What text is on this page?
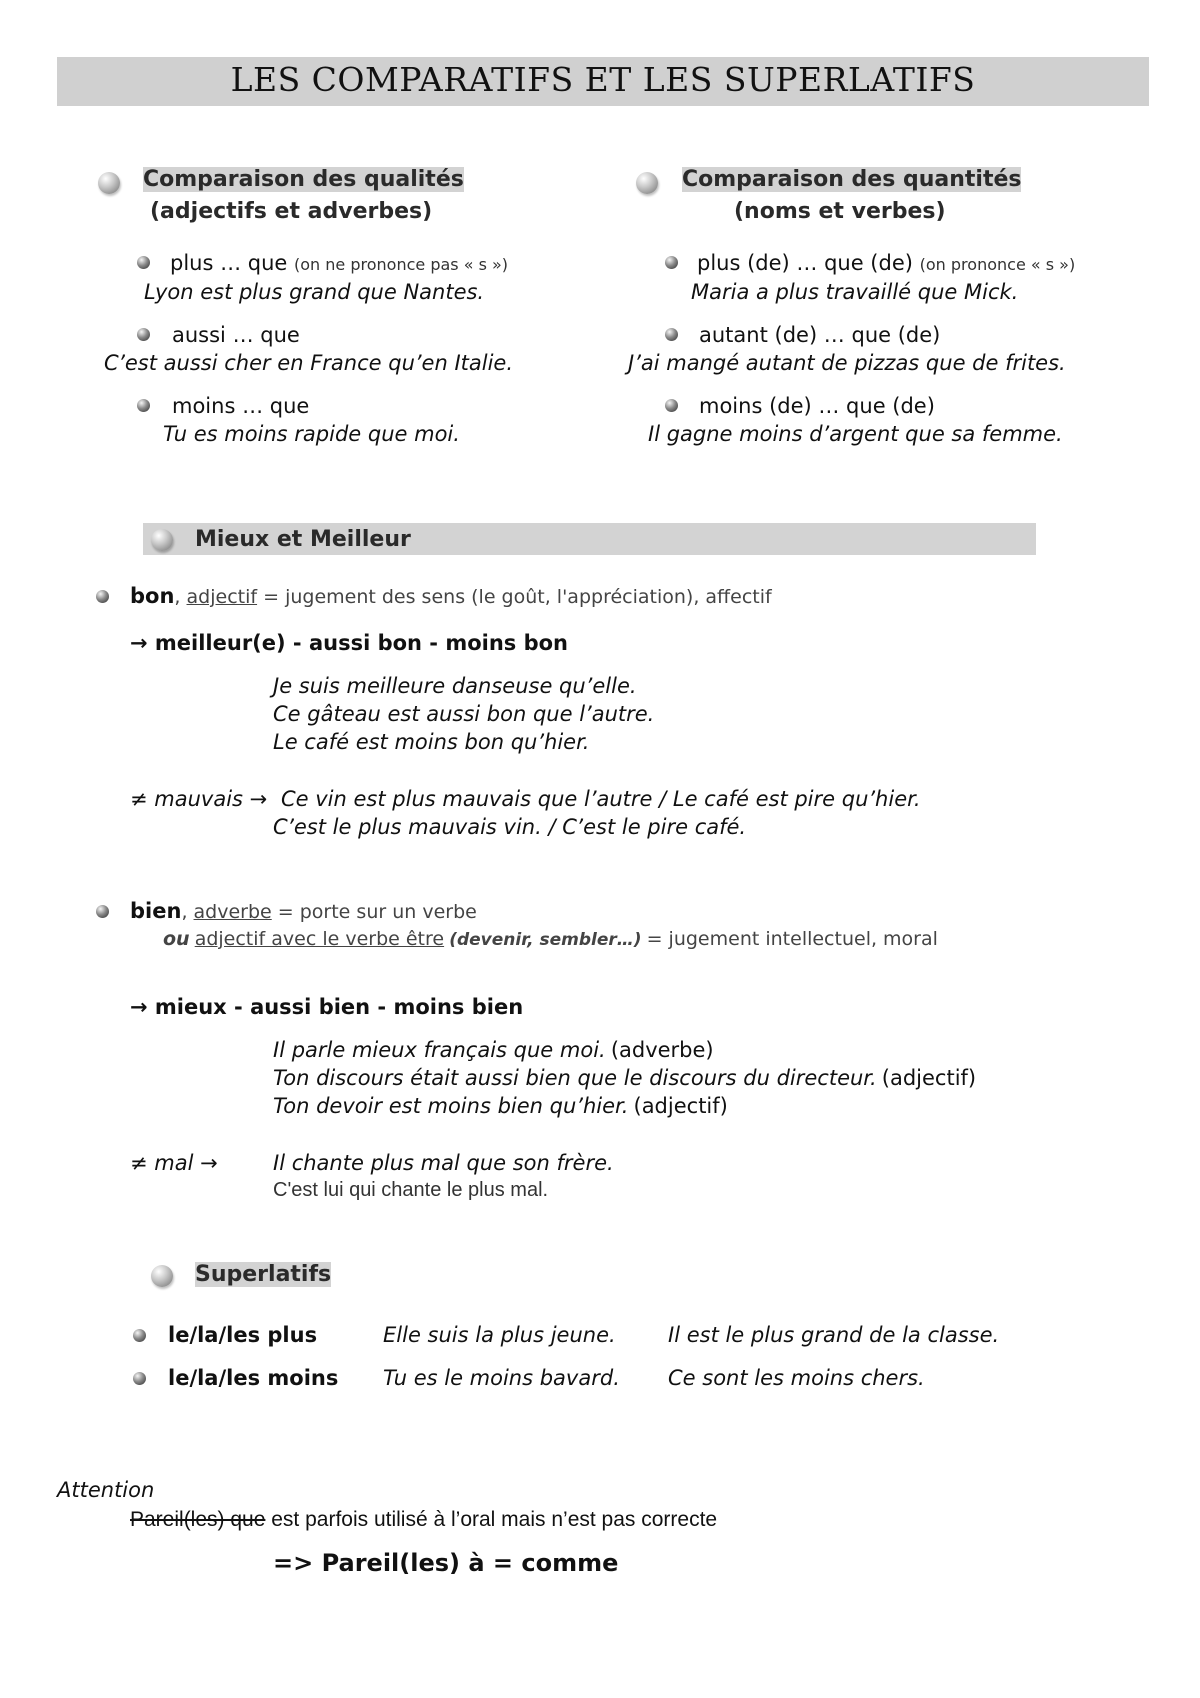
LES COMPARATIFS ET LES SUPERLATIFS
Comparaison des qualités
(adjectifs et adverbes)
plus … que (on ne prononce pas « s »)
Lyon est plus grand que Nantes.
aussi … que
C’est aussi cher en France qu’en Italie.
moins … que
Tu es moins rapide que moi.
Comparaison des quantités
(noms et verbes)
plus (de) … que (de) (on prononce « s »)
Maria a plus travaillé que Mick.
autant (de) … que (de)
J’ai mangé autant de pizzas que de frites.
moins (de) … que (de)
Il gagne moins d’argent que sa femme.
Mieux et Meilleur
bon, adjectif = jugement des sens (le goût, l'appréciation), affectif
→ meilleur(e) - aussi bon - moins bon
Je suis meilleure danseuse qu’elle.
Ce gâteau est aussi bon que l’autre.
Le café est moins bon qu’hier.
≠ mauvais → Ce vin est plus mauvais que l’autre / Le café est pire qu’hier.
C’est le plus mauvais vin. / C’est le pire café.
bien, adverbe = porte sur un verbe
ou adjectif avec le verbe être (devenir, sembler…) = jugement intellectuel, moral
→ mieux - aussi bien - moins bien
Il parle mieux français que moi. (adverbe)
Ton discours était aussi bien que le discours du directeur. (adjectif)
Ton devoir est moins bien qu’hier. (adjectif)
≠ mal →	Il chante plus mal que son frère.
C'est lui qui chante le plus mal.
Superlatifs
le/la/les plus	Elle suis la plus jeune. Il est le plus grand de la classe.
le/la/les moins Tu es le moins bavard. Ce sont les moins chers.
Attention
Pareil(les) que est parfois utilisé à l’oral mais n’est pas correcte
=> Pareil(les) à = comme
